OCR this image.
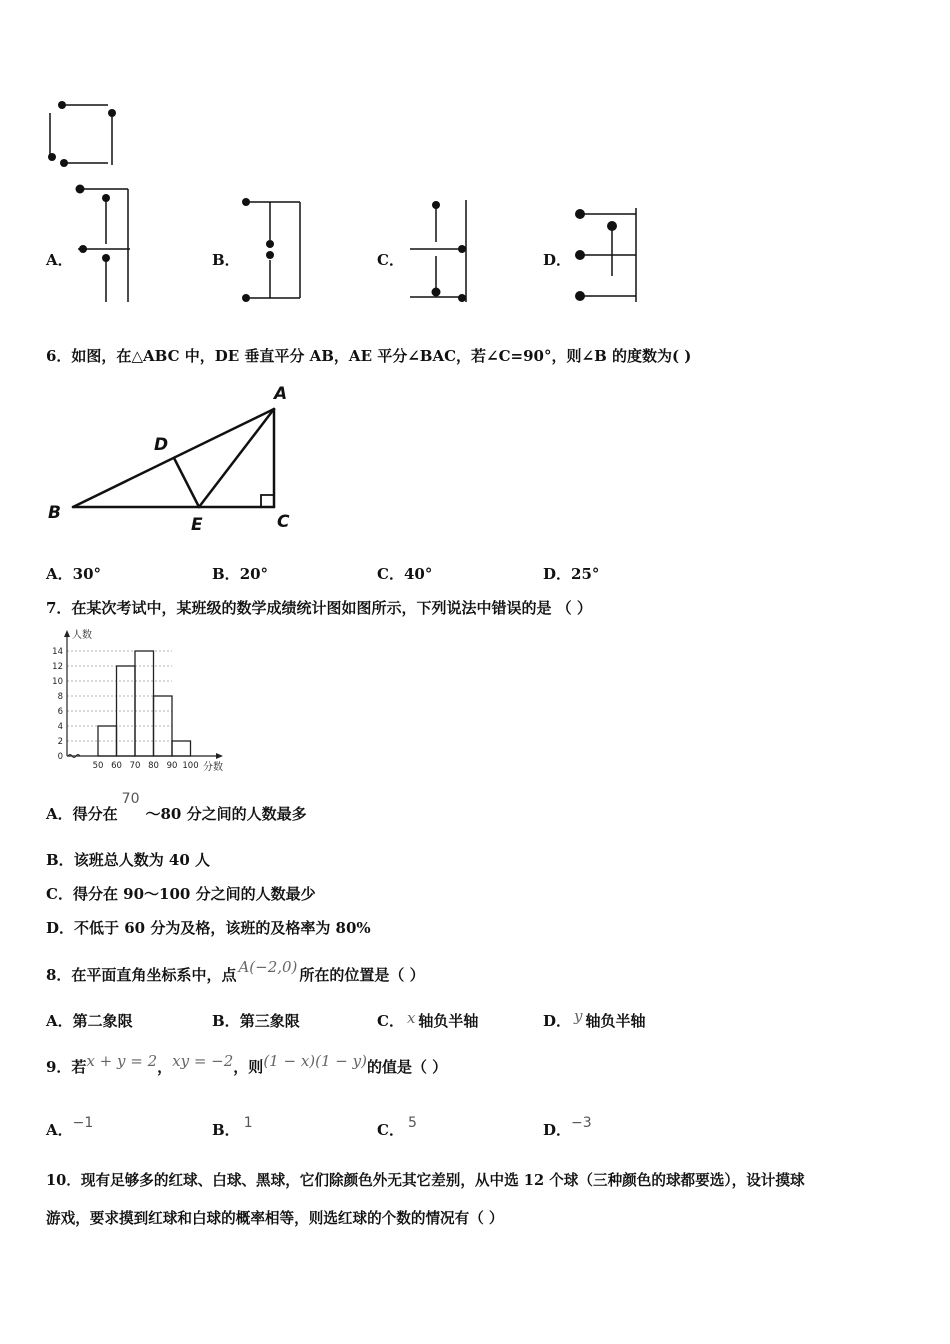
A．	B．	C．	D．
6．如图，在△ABC 中，DE 垂直平分 AB，AE 平分∠BAC，若∠C=90°，则∠B 的度数为( )
A
B	C
D
E
A．30°	B．20°	C．40°	D．25°
7．在某次考试中，某班级的数学成绩统计图如图所示，下列说法中错误的是 （ ）
0
2
4
6
8
10
12
14
50 60 70 80 90 100
人数
分数
A．得分在70～80 分之间的人数最多
B．该班总人数为 40 人
C．得分在 90～100 分之间的人数最少
D．不低于 60 分为及格，该班的及格率为 80%
8．在平面直角坐标系中，点 A(−2,0) 所在的位置是（ ）
A．第二象限	B．第三象限	C． x 轴负半轴	D． y 轴负半轴
9．若x + y = 2，xy = −2，则(1 − x)(1 − y)的值是（ ）
A．−1	B． 1	C． 5	D．−3
10．现有足够多的红球、白球、黑球，它们除颜色外无其它差别，从中选 12 个球（三种颜色的球都要选），设计摸球
游戏，要求摸到红球和白球的概率相等，则选红球的个数的情况有（ ）
